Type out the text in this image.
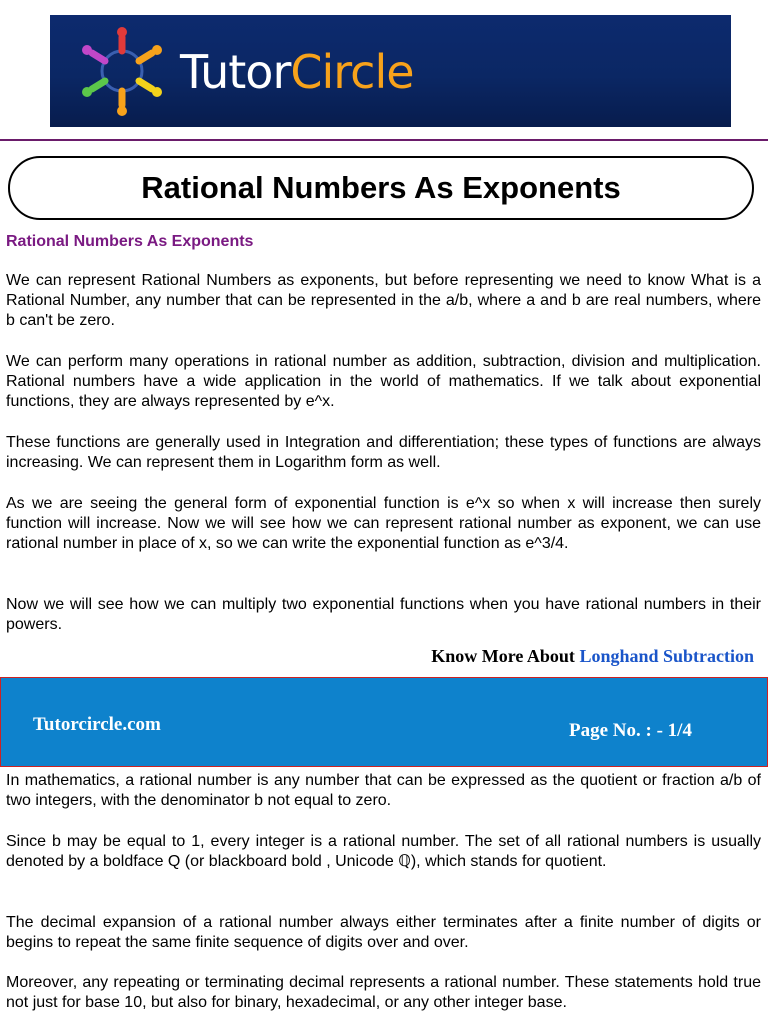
TutorCircle
Rational Numbers As Exponents
Rational Numbers As Exponents
We can represent Rational Numbers as exponents, but before representing we need to know What is a Rational Number, any number that can be represented in the a/b, where a and b are real numbers, where b can't be zero.
We can perform many operations in rational number as addition, subtraction, division and multiplication. Rational numbers have a wide application in the world of mathematics. If we talk about exponential functions, they are always represented by e^x.
These functions are generally used in Integration and differentiation; these types of functions are always increasing. We can represent them in Logarithm form as well.
As we are seeing the general form of exponential function is e^x so when x will increase then surely function will increase. Now we will see how we can represent rational number as exponent, we can use rational number in place of x, so we can write the exponential function as e^3/4.
Now we will see how we can multiply two exponential functions when you have rational numbers in their powers.
Know More About Longhand Subtraction
Tutorcircle.com	Page No. : - 1/4
In mathematics, a rational number is any number that can be expressed as the quotient or fraction a/b of two integers, with the denominator b not equal to zero.
Since b may be equal to 1, every integer is a rational number. The set of all rational numbers is usually denoted by a boldface Q (or blackboard bold , Unicode ℚ), which stands for quotient.
The decimal expansion of a rational number always either terminates after a finite number of digits or begins to repeat the same finite sequence of digits over and over.
Moreover, any repeating or terminating decimal represents a rational number. These statements hold true not just for base 10, but also for binary, hexadecimal, or any other integer base.
